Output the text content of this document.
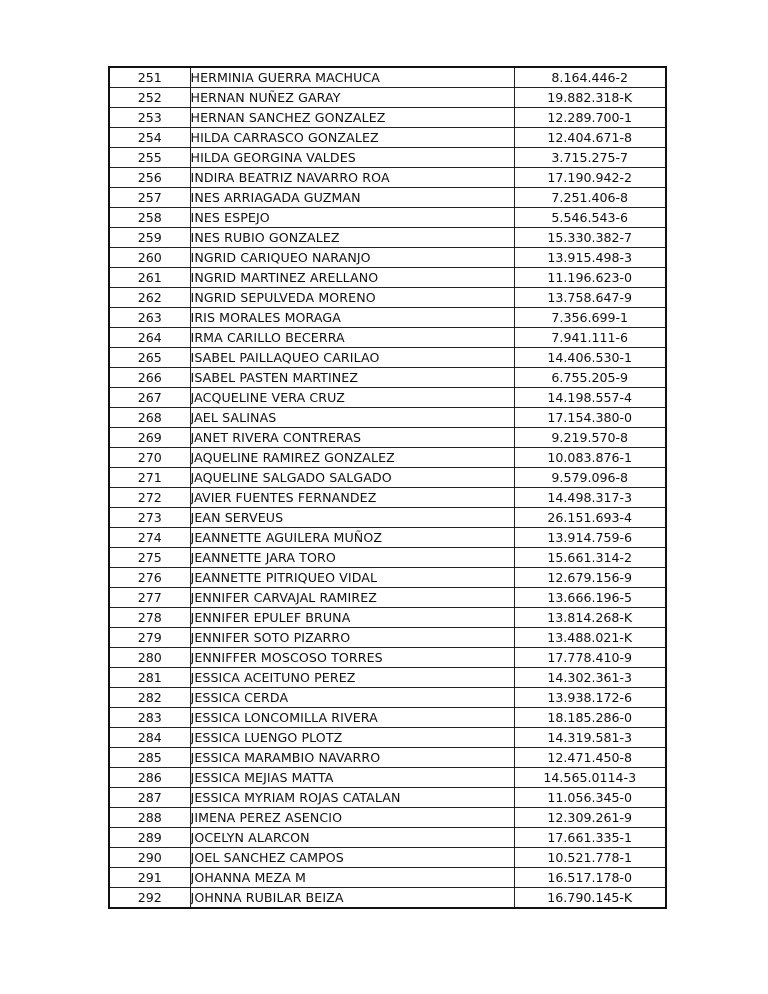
251	HERMINIA GUERRA MACHUCA	8.164.446-2
252	HERNAN NUÑEZ GARAY	19.882.318-K
253	HERNAN SANCHEZ GONZALEZ	12.289.700-1
254	HILDA CARRASCO GONZALEZ	12.404.671-8
255	HILDA GEORGINA VALDES	3.715.275-7
256	INDIRA BEATRIZ NAVARRO ROA	17.190.942-2
257	INES ARRIAGADA GUZMAN	7.251.406-8
258	INES ESPEJO	5.546.543-6
259	INES RUBIO GONZALEZ	15.330.382-7
260	INGRID CARIQUEO NARANJO	13.915.498-3
261	INGRID MARTINEZ ARELLANO	11.196.623-0
262	INGRID SEPULVEDA MORENO	13.758.647-9
263	IRIS MORALES MORAGA	7.356.699-1
264	IRMA CARILLO BECERRA	7.941.111-6
265	ISABEL PAILLAQUEO CARILAO	14.406.530-1
266	ISABEL PASTEN MARTINEZ	6.755.205-9
267	JACQUELINE VERA CRUZ	14.198.557-4
268	JAEL SALINAS	17.154.380-0
269	JANET RIVERA CONTRERAS	9.219.570-8
270	JAQUELINE RAMIREZ GONZALEZ	10.083.876-1
271	JAQUELINE SALGADO SALGADO	9.579.096-8
272	JAVIER FUENTES FERNANDEZ	14.498.317-3
273	JEAN SERVEUS	26.151.693-4
274	JEANNETTE AGUILERA MUÑOZ	13.914.759-6
275	JEANNETTE JARA TORO	15.661.314-2
276	JEANNETTE PITRIQUEO VIDAL	12.679.156-9
277	JENNIFER CARVAJAL RAMIREZ	13.666.196-5
278	JENNIFER EPULEF BRUNA	13.814.268-K
279	JENNIFER SOTO PIZARRO	13.488.021-K
280	JENNIFFER MOSCOSO TORRES	17.778.410-9
281	JESSICA ACEITUNO PEREZ	14.302.361-3
282	JESSICA CERDA	13.938.172-6
283	JESSICA LONCOMILLA RIVERA	18.185.286-0
284	JESSICA LUENGO PLOTZ	14.319.581-3
285	JESSICA MARAMBIO NAVARRO	12.471.450-8
286	JESSICA MEJIAS MATTA	14.565.0114-3
287	JESSICA MYRIAM ROJAS CATALAN	11.056.345-0
288	JIMENA PEREZ ASENCIO	12.309.261-9
289	JOCELYN ALARCON	17.661.335-1
290	JOEL SANCHEZ CAMPOS	10.521.778-1
291	JOHANNA MEZA M	16.517.178-0
292	JOHNNA RUBILAR BEIZA	16.790.145-K
